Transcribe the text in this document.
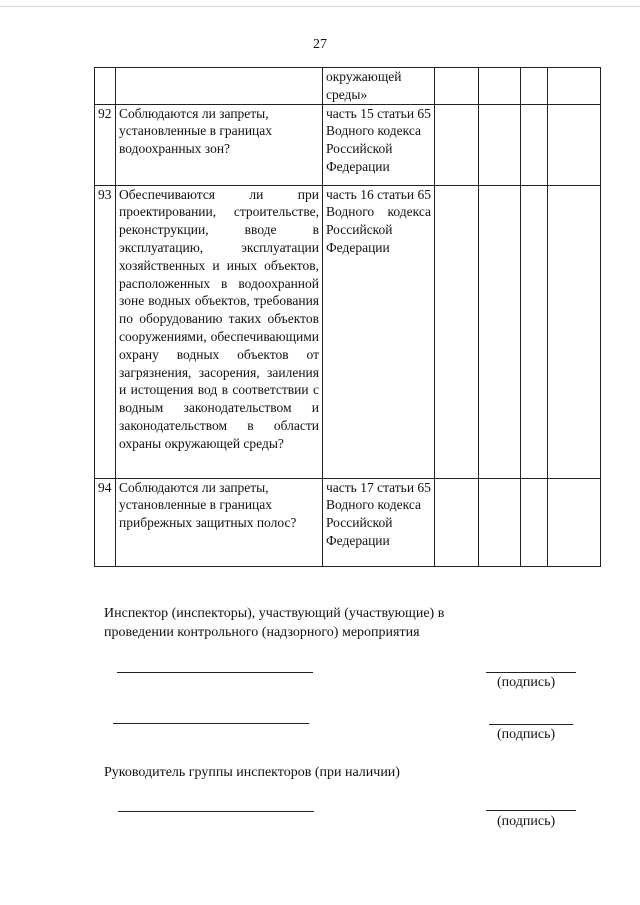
27
		окружающей среды»				
92	Соблюдаются ли запреты, установленные в границах водоохранных зон?	часть 15 статьи 65 Водного кодекса Российской Федерации				
93	Обеспечиваются ли при проектировании, строительстве, реконструкции, вводе в эксплуатацию, эксплуатации хозяйственных и иных объектов, расположенных в водоохранной зоне водных объектов, требования по оборудованию таких объектов сооружениями, обеспечивающими охрану водных объектов от загрязнения, засорения, заиления и истощения вод в соответствии с водным законодательством и законодательством в области охраны окружающей среды?	часть 16 статьи 65 Водного кодекса Российской Федерации				
94	Соблюдаются ли запреты, установленные в границах прибрежных защитных полос?	часть 17 статьи 65 Водного кодекса Российской Федерации				
Инспектор (инспекторы), участвующий (участвующие) в проведении контрольного (надзорного) мероприятия
(подпись)
(подпись)
Руководитель группы инспекторов (при наличии)
(подпись)
